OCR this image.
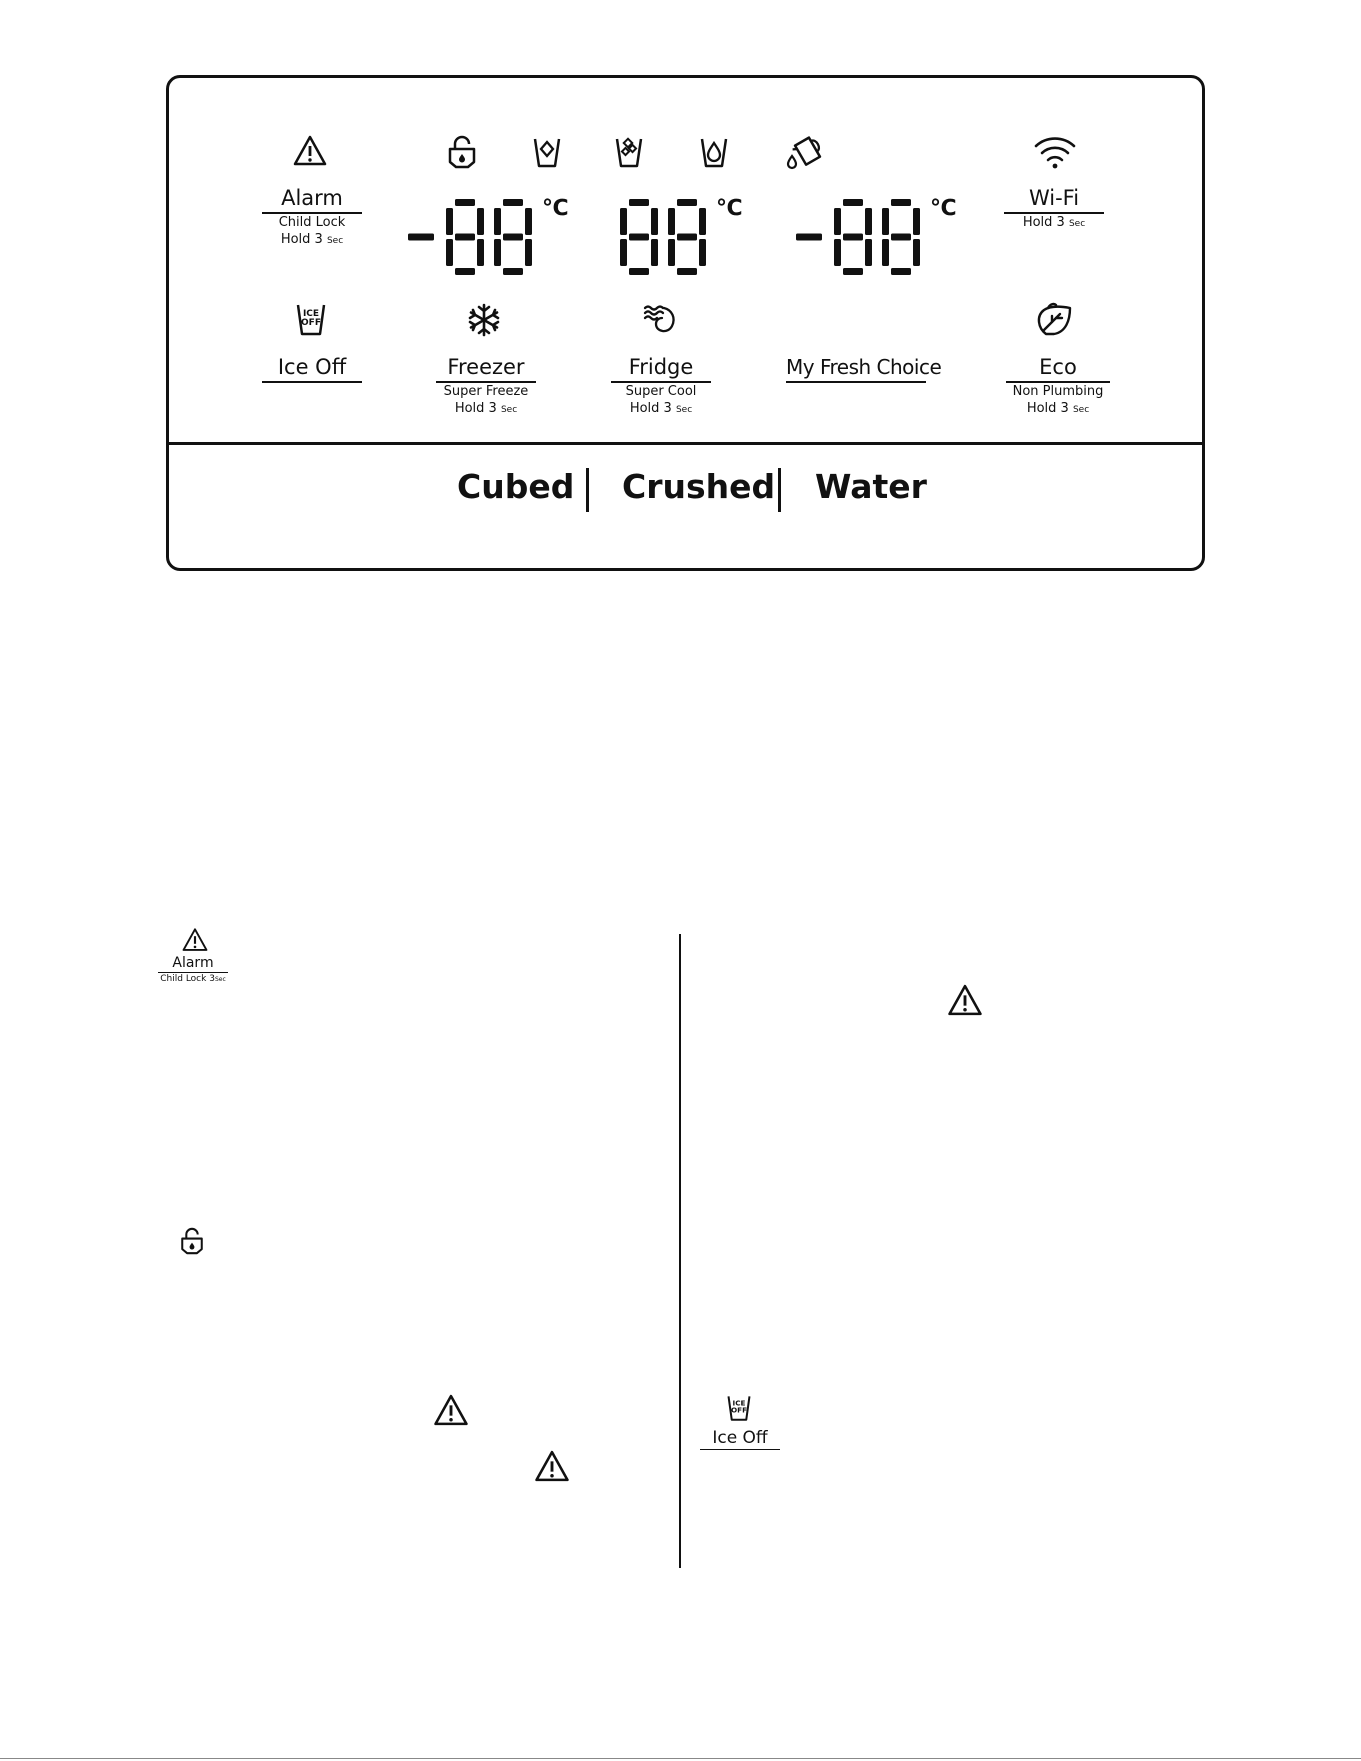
Alarm
Child Lock
Hold 3 Sec
Wi-Fi
Hold 3 Sec
℃	℃	℃
ICE
OFF
Ice Off	Freezer
Super Freeze
Hold 3 Sec
Fridge
Super Cool
Hold 3 Sec
My Fresh Choice	Eco
Non Plumbing
Hold 3 Sec
Cubed Crushed Water
Alarm
Child Lock 3Sec
ICE
OFF
Ice Off
